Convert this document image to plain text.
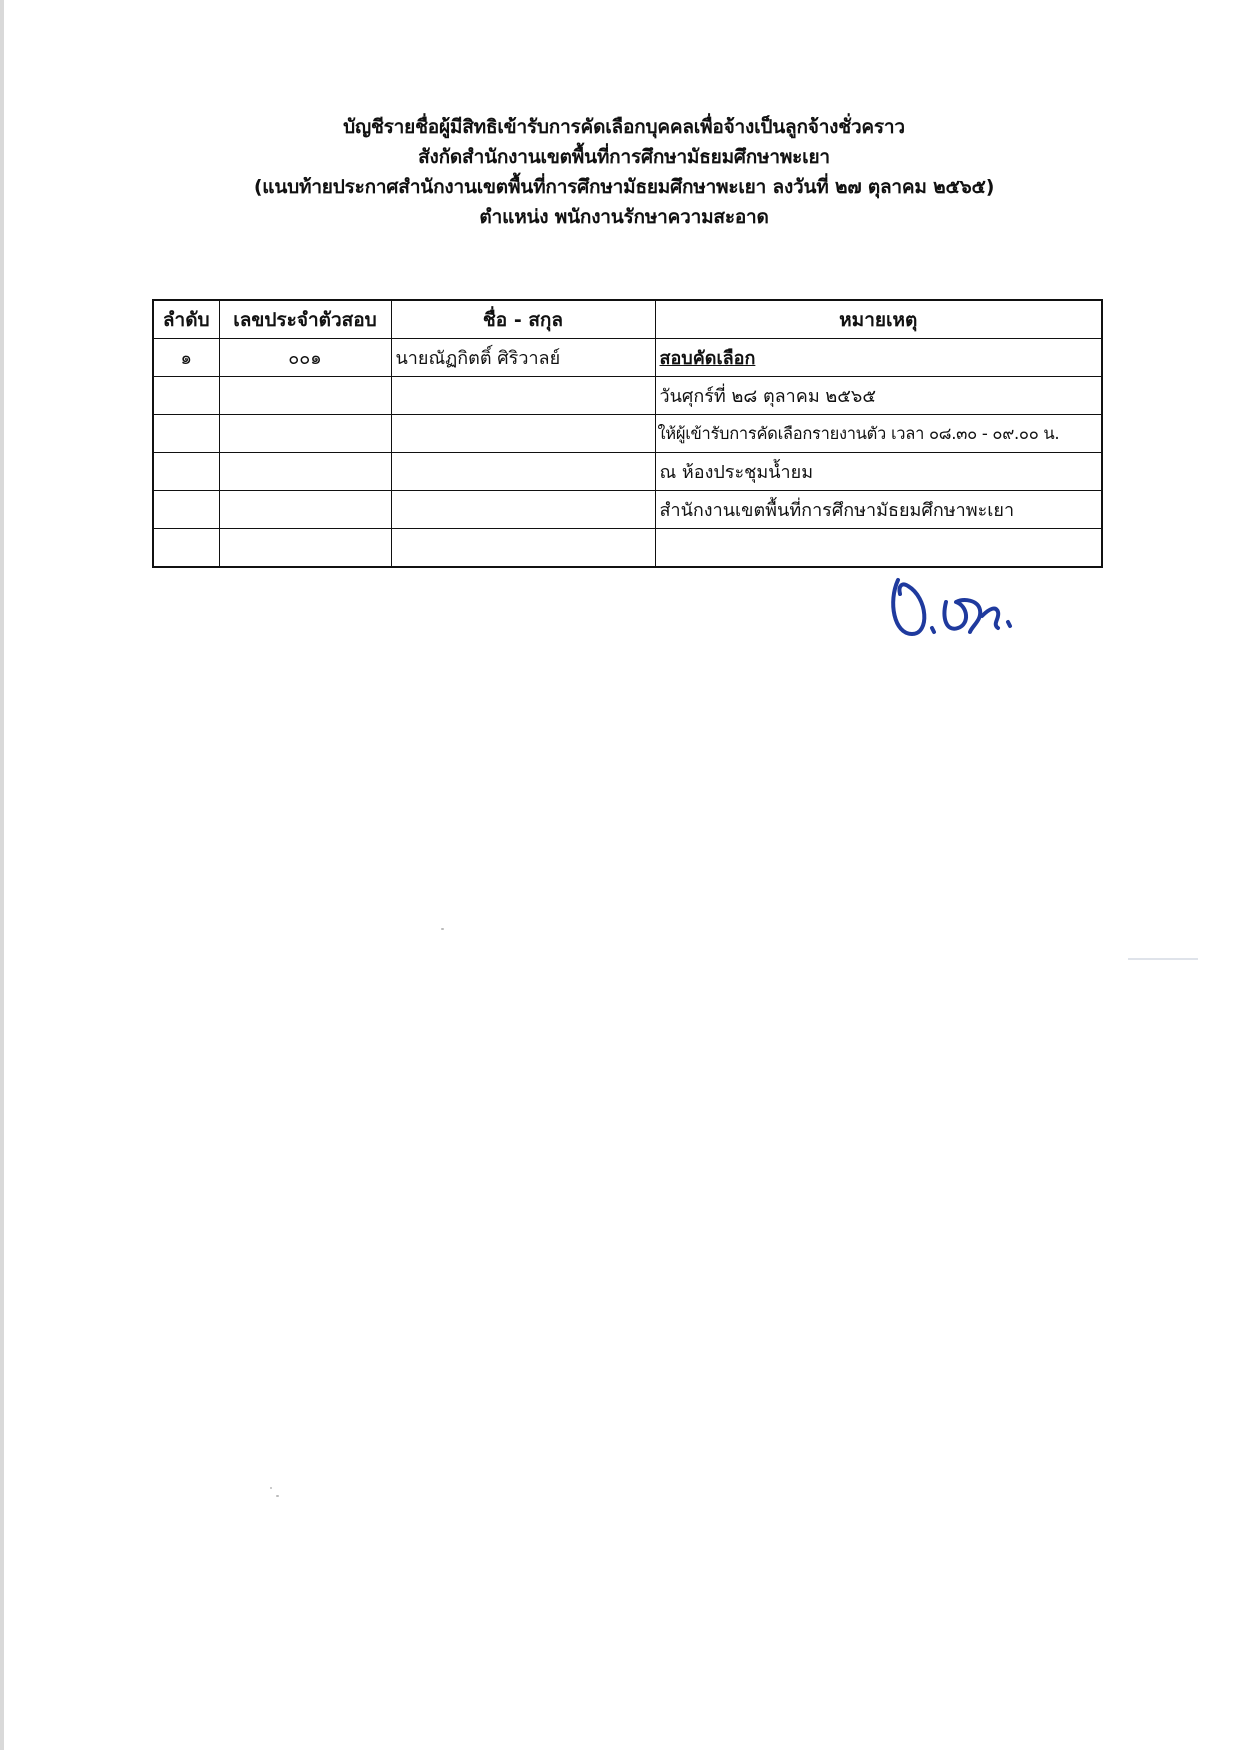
บัญชีรายชื่อผู้มีสิทธิเข้ารับการคัดเลือกบุคคลเพื่อจ้างเป็นลูกจ้างชั่วคราว
สังกัดสำนักงานเขตพื้นที่การศึกษามัธยมศึกษาพะเยา
(แนบท้ายประกาศสำนักงานเขตพื้นที่การศึกษามัธยมศึกษาพะเยา ลงวันที่ ๒๗ ตุลาคม ๒๕๖๕)
ตำแหน่ง พนักงานรักษาความสะอาด
ลำดับ	เลขประจำตัวสอบ	ชื่อ - สกุล	หมายเหตุ
๑	๐๐๑	นายณัฏกิตติ์ ศิริวาลย์	สอบคัดเลือก
			วันศุกร์ที่ ๒๘ ตุลาคม ๒๕๖๕
			ให้ผู้เข้ารับการคัดเลือกรายงานตัว เวลา ๐๘.๓๐ - ๐๙.๐๐ น.
			ณ ห้องประชุมน้ำยม
			สำนักงานเขตพื้นที่การศึกษามัธยมศึกษาพะเยา
